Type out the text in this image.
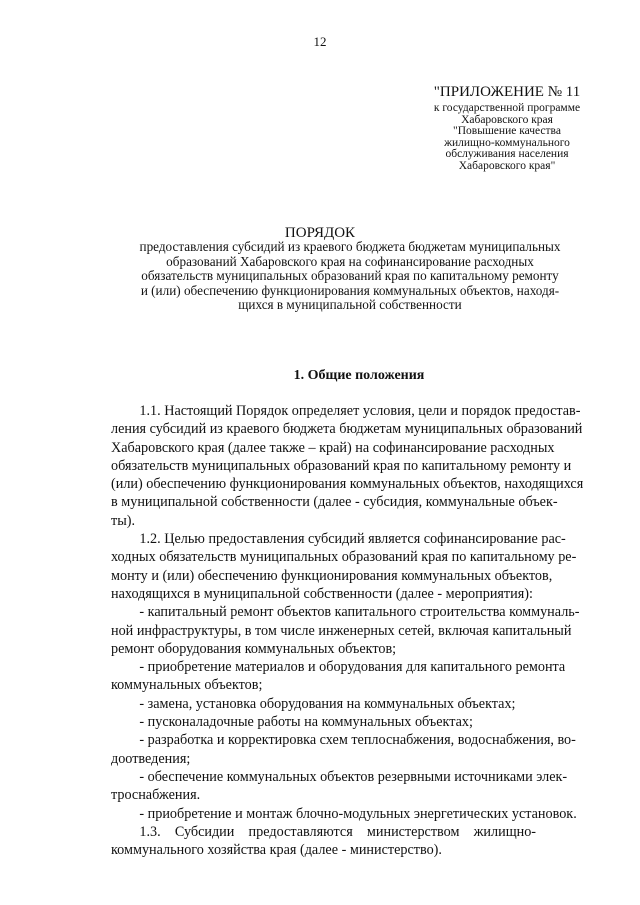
12
"ПРИЛОЖЕНИЕ № 11
к государственной программе
Хабаровского края
"Повышение качества
жилищно-коммунального
обслуживания населения
Хабаровского края"
ПОРЯДОК
предоставления субсидий из краевого бюджета бюджетам муниципальных
образований Хабаровского края на софинансирование расходных
обязательств муниципальных образований края по капитальному ремонту
и (или) обеспечению функционирования коммунальных объектов, находя-
щихся в муниципальной собственности
1. Общие положения
1.1. Настоящий Порядок определяет условия, цели и порядок предостав-
ления субсидий из краевого бюджета бюджетам муниципальных образований
Хабаровского края (далее также – край) на софинансирование расходных
обязательств муниципальных образований края по капитальному ремонту и
(или) обеспечению функционирования коммунальных объектов, находящихся
в муниципальной собственности (далее - субсидия, коммунальные объек-
ты).
1.2. Целью предоставления субсидий является софинансирование рас-
ходных обязательств муниципальных образований края по капитальному ре-
монту и (или) обеспечению функционирования коммунальных объектов,
находящихся в муниципальной собственности (далее - мероприятия):
- капитальный ремонт объектов капитального строительства коммуналь-
ной инфраструктуры, в том числе инженерных сетей, включая капитальный
ремонт оборудования коммунальных объектов;
- приобретение материалов и оборудования для капитального ремонта
коммунальных объектов;
- замена, установка оборудования на коммунальных объектах;
- пусконаладочные работы на коммунальных объектах;
- разработка и корректировка схем теплоснабжения, водоснабжения, во-
доотведения;
- обеспечение коммунальных объектов резервными источниками элек-
троснабжения.
- приобретение и монтаж блочно-модульных энергетических установок.
1.3.    Субсидии    предоставляются    министерством    жилищно-
коммунального хозяйства края (далее - министерство).
